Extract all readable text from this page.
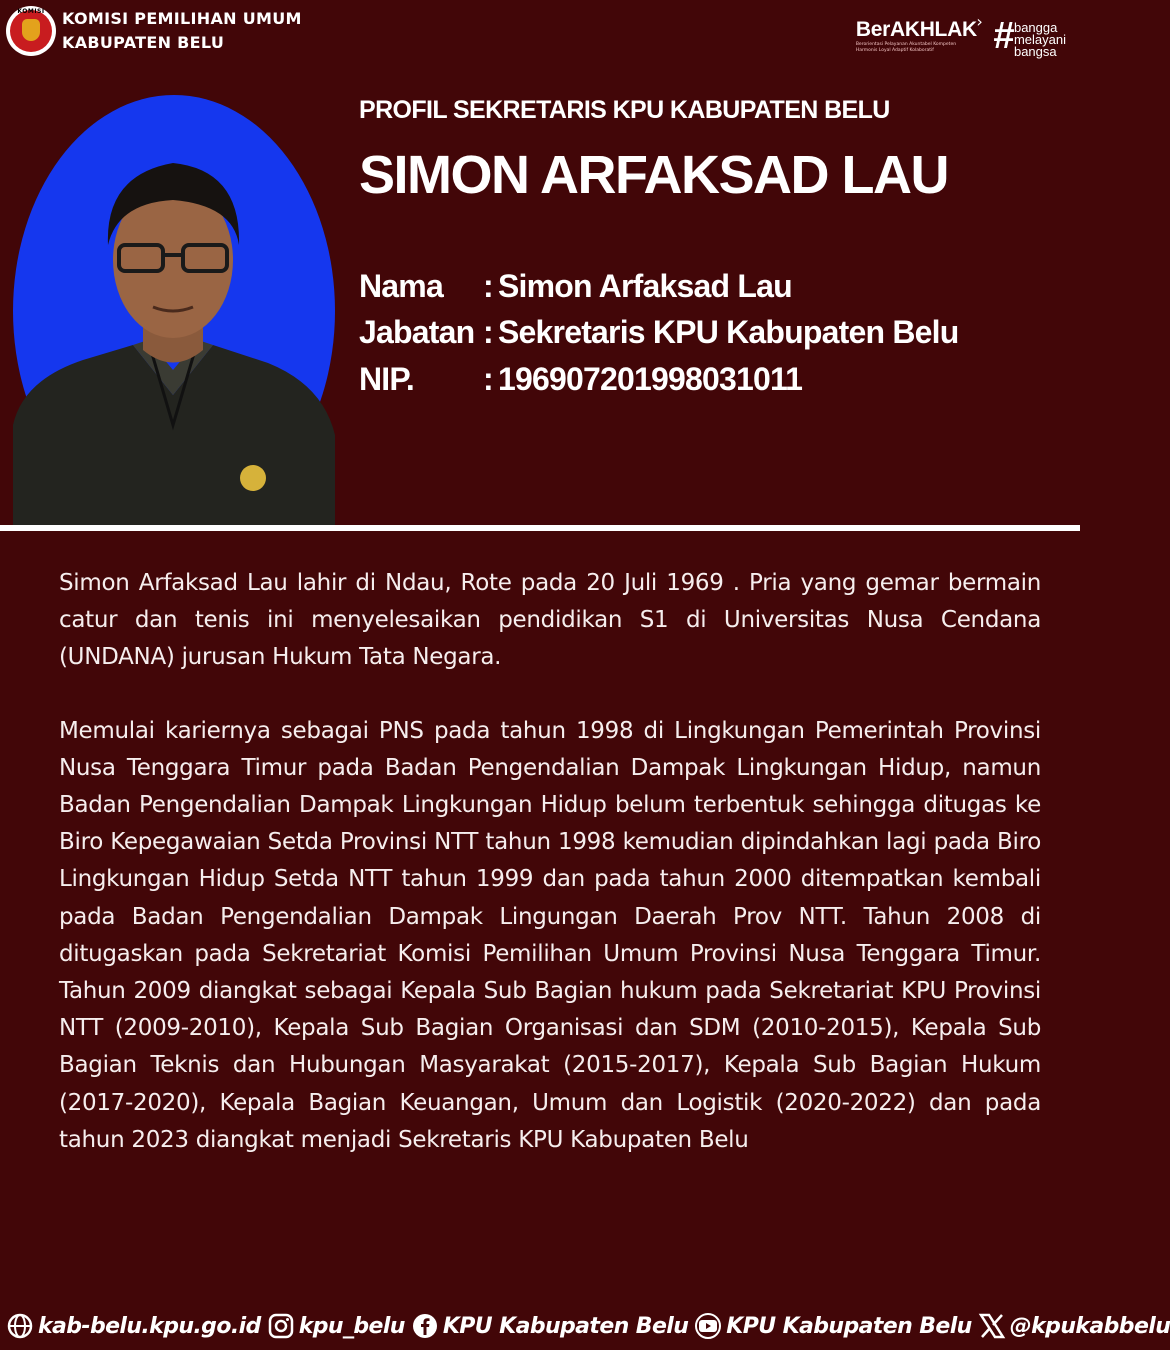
KOMISI	KOMISI PEMILIHAN UMUM
KABUPATEN BELU
BerAKHLAK ›
Berorientasi Pelayanan Akuntabel Kompeten Harmonis Loyal Adaptif Kolaboratif	# bangga
melayani
bangsa
PROFIL SEKRETARIS KPU KABUPATEN BELU
SIMON ARFAKSAD LAU
Nama	: Simon Arfaksad Lau
Jabatan : Sekretaris KPU Kabupaten Belu
NIP.	: 196907201998031011

Simon Arfaksad Lau lahir di Ndau, Rote pada 20 Juli 1969 . Pria yang gemar bermain catur dan tenis ini menyelesaikan pendidikan S1 di Universitas Nusa Cendana (UNDANA) jurusan Hukum Tata Negara.

Memulai kariernya sebagai PNS pada tahun 1998 di Lingkungan Pemerintah Provinsi Nusa Tenggara Timur pada Badan Pengendalian Dampak Lingkungan Hidup, namun Badan Pengendalian Dampak Lingkungan Hidup belum terbentuk sehingga ditugas ke Biro Kepegawaian Setda Provinsi NTT tahun 1998 kemudian dipindahkan lagi pada Biro Lingkungan Hidup Setda NTT tahun 1999 dan pada tahun 2000 ditempatkan kembali pada Badan Pengendalian Dampak Lingungan Daerah Prov NTT. Tahun 2008 di ditugaskan pada Sekretariat Komisi Pemilihan Umum Provinsi Nusa Tenggara Timur. Tahun 2009 diangkat sebagai Kepala Sub Bagian hukum pada Sekretariat KPU Provinsi NTT (2009-2010), Kepala Sub Bagian Organisasi dan SDM (2010-2015), Kepala Sub Bagian Teknis dan Hubungan Masyarakat (2015-2017), Kepala Sub Bagian Hukum (2017-2020), Kepala Bagian Keuangan, Umum dan Logistik (2020-2022) dan pada tahun 2023 diangkat menjadi Sekretaris KPU Kabupaten Belu

kab-belu.kpu.go.id kpu_belu KPU Kabupaten Belu KPU Kabupaten Belu @kpukabbelu
